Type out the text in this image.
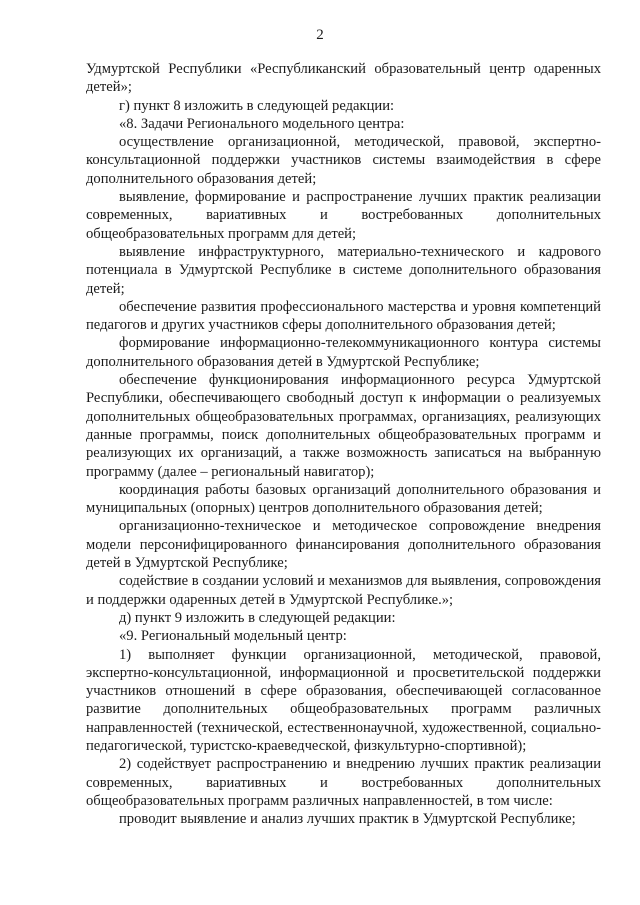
2

Удмуртской Республики «Республиканский образовательный центр одаренных детей»;

г) пункт 8 изложить в следующей редакции:

«8. Задачи Регионального модельного центра:

осуществление организационной, методической, правовой, экспертно-консультационной поддержки участников системы взаимодействия в сфере дополнительного образования детей;

выявление, формирование и распространение лучших практик реализации современных, вариативных и востребованных дополнительных общеобразовательных программ для детей;

выявление инфраструктурного, материально-технического и кадрового потенциала в Удмуртской Республике в системе дополнительного образования детей;

обеспечение развития профессионального мастерства и уровня компетенций педагогов и других участников сферы дополнительного образования детей;

формирование информационно-телекоммуникационного контура системы дополнительного образования детей в Удмуртской Республике;

обеспечение функционирования информационного ресурса Удмуртской Республики, обеспечивающего свободный доступ к информации о реализуемых дополнительных общеобразовательных программах, организациях, реализующих данные программы, поиск дополнительных общеобразовательных программ и реализующих их организаций, а также возможность записаться на выбранную программу (далее – региональный навигатор);

координация работы базовых организаций дополнительного образования и муниципальных (опорных) центров дополнительного образования детей;

организационно-техническое и методическое сопровождение внедрения модели персонифицированного финансирования дополнительного образования детей в Удмуртской Республике;

содействие в создании условий и механизмов для выявления, сопровождения и поддержки одаренных детей в Удмуртской Республике.»;

д) пункт 9 изложить в следующей редакции:

«9. Региональный модельный центр:

1) выполняет функции организационной, методической, правовой, экспертно-консультационной, информационной и просветительской поддержки участников отношений в сфере образования, обеспечивающей согласованное развитие дополнительных общеобразовательных программ различных направленностей (технической, естественнонаучной, художественной, социально-педагогической, туристско-краеведческой, физкультурно-спортивной);

2) содействует распространению и внедрению лучших практик реализации современных, вариативных и востребованных дополнительных общеобразовательных программ различных направленностей, в том числе:

проводит выявление и анализ лучших практик в Удмуртской Республике;
